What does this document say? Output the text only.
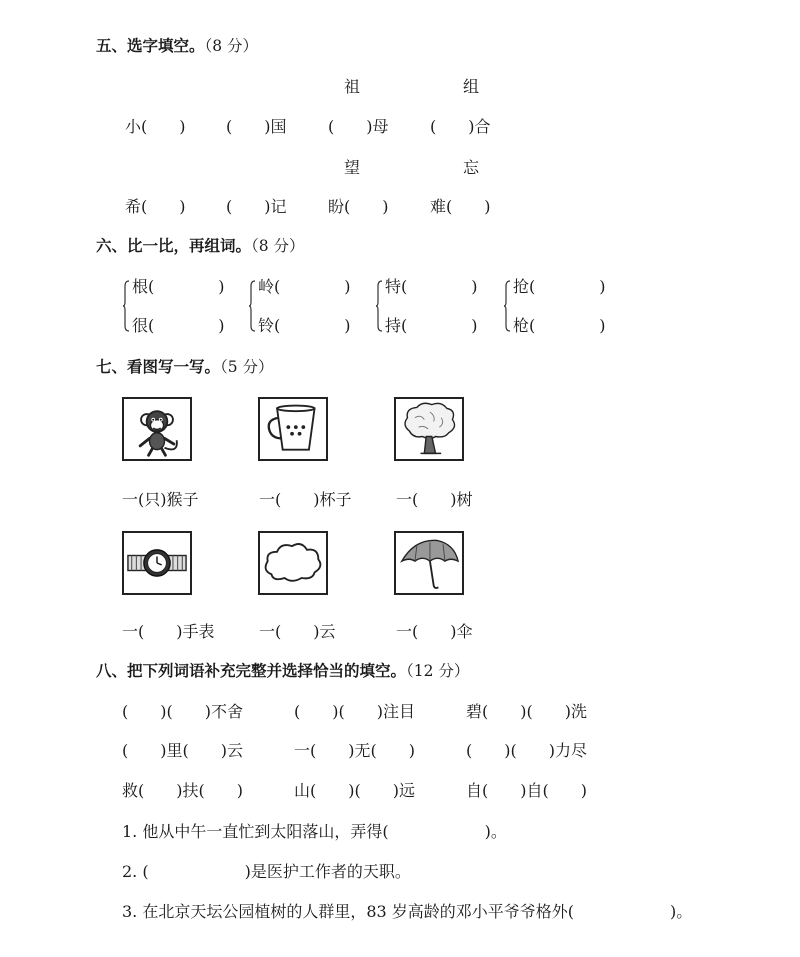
五、选字填空。（8 分）
祖	组
小(　　)	(　　)国	(　　)母	(　　)合
望	忘
希(　　)	(　　)记	盼(　　)	难(　　)
六、比一比，再组词。（8 分）
根(　　　　)
很(　　　　)
岭(　　　　)
铃(　　　　)
特(　　　　)
持(　　　　)
抢(　　　　)
枪(　　　　)
七、看图写一写。（5 分）
一(只)猴子	一(　　)杯子	一(　　)树
一(　　)手表	一(　　)云	一(　　)伞
八、把下列词语补充完整并选择恰当的填空。（12 分）
(　　)(　　)不舍	(　　)(　　)注目	碧(　　)(　　)洗
(　　)里(　　)云	一(　　)无(　　)	(　　)(　　)力尽
救(　　)扶(　　)	山(　　)(　　)远	自(　　)自(　　)
1. 他从中午一直忙到太阳落山，弄得(　　　　　　)。
2. (　　　　　　)是医护工作者的天职。
3. 在北京天坛公园植树的人群里，83 岁高龄的邓小平爷爷格外(　　　　　　)。
